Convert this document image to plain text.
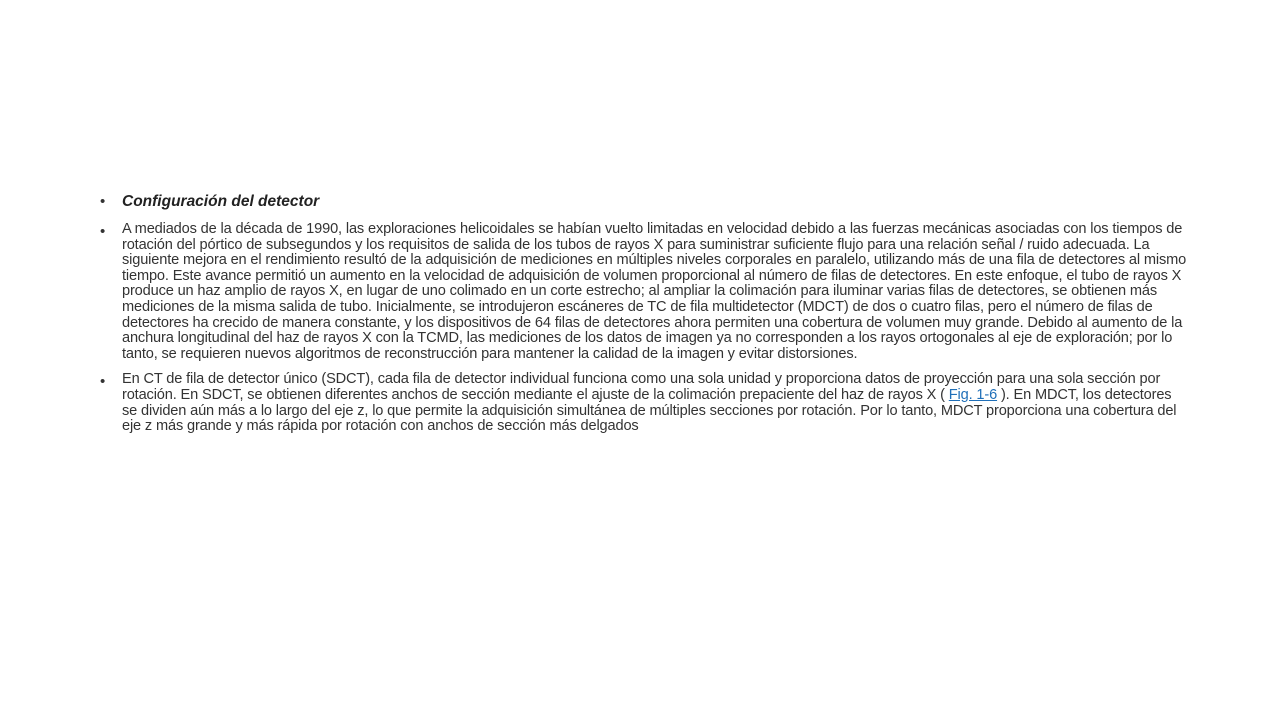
• Configuración del detector
• A mediados de la década de 1990, las exploraciones helicoidales se habían vuelto limitadas en velocidad debido a las fuerzas mecánicas asociadas con los tiempos de rotación del pórtico de subsegundos y los requisitos de salida de los tubos de rayos X para suministrar suficiente flujo para una relación señal / ruido adecuada. La siguiente mejora en el rendimiento resultó de la adquisición de mediciones en múltiples niveles corporales en paralelo, utilizando más de una fila de detectores al mismo tiempo. Este avance permitió un aumento en la velocidad de adquisición de volumen proporcional al número de filas de detectores. En este enfoque, el tubo de rayos X produce un haz amplio de rayos X, en lugar de uno colimado en un corte estrecho; al ampliar la colimación para iluminar varias filas de detectores, se obtienen más mediciones de la misma salida de tubo. Inicialmente, se introdujeron escáneres de TC de fila multidetector (MDCT) de dos o cuatro filas, pero el número de filas de detectores ha crecido de manera constante, y los dispositivos de 64 filas de detectores ahora permiten una cobertura de volumen muy grande. Debido al aumento de la anchura longitudinal del haz de rayos X con la TCMD, las mediciones de los datos de imagen ya no corresponden a los rayos ortogonales al eje de exploración; por lo tanto, se requieren nuevos algoritmos de reconstrucción para mantener la calidad de la imagen y evitar distorsiones.
• En CT de fila de detector único (SDCT), cada fila de detector individual funciona como una sola unidad y proporciona datos de proyección para una sola sección por rotación. En SDCT, se obtienen diferentes anchos de sección mediante el ajuste de la colimación prepaciente del haz de rayos X ( Fig. 1-6 ). En MDCT, los detectores se dividen aún más a lo largo del eje z, lo que permite la adquisición simultánea de múltiples secciones por rotación. Por lo tanto, MDCT proporciona una cobertura del eje z más grande y más rápida por rotación con anchos de sección más delgados
